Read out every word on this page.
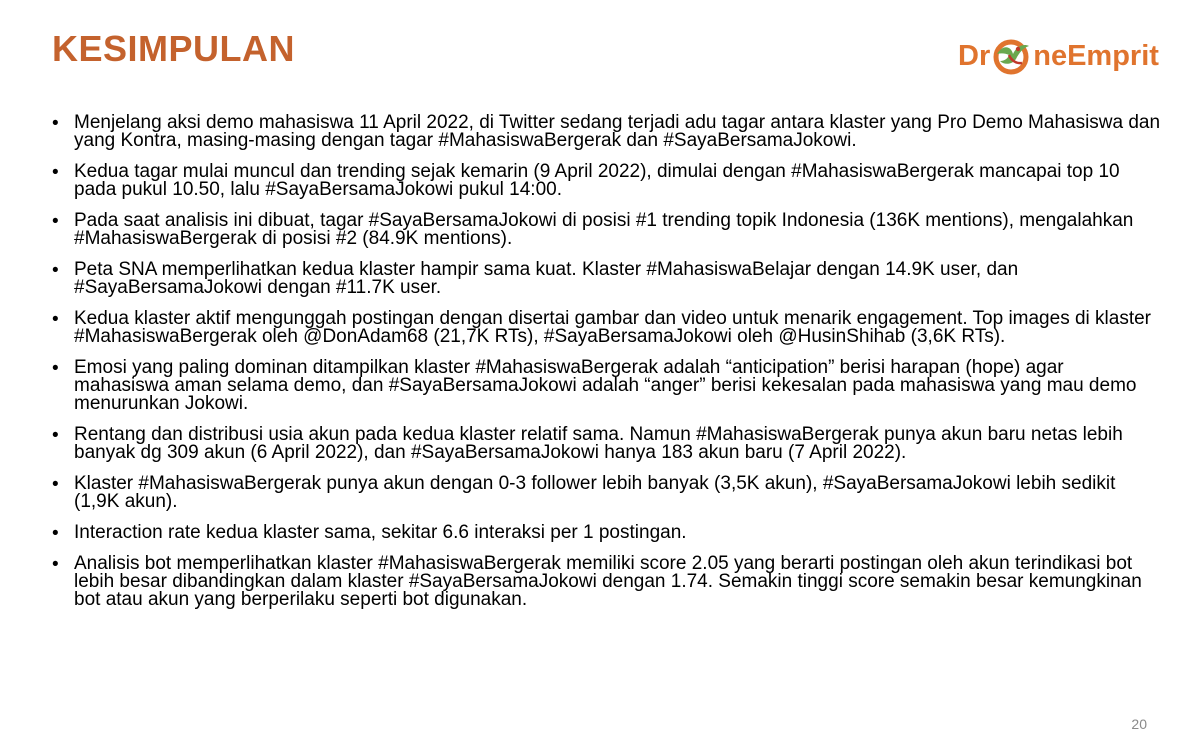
KESIMPULAN	Dr neEmprit
• Menjelang aksi demo mahasiswa 11 April 2022, di Twitter sedang terjadi adu tagar antara klaster yang Pro Demo Mahasiswa dan yang Kontra, masing-masing dengan tagar #MahasiswaBergerak dan #SayaBersamaJokowi.
• Kedua tagar mulai muncul dan trending sejak kemarin (9 April 2022), dimulai dengan #MahasiswaBergerak mancapai top 10 pada pukul 10.50, lalu #SayaBersamaJokowi pukul 14:00.
• Pada saat analisis ini dibuat, tagar #SayaBersamaJokowi di posisi #1 trending topik Indonesia (136K mentions), mengalahkan #MahasiswaBergerak di posisi #2 (84.9K mentions).
• Peta SNA memperlihatkan kedua klaster hampir sama kuat. Klaster #MahasiswaBelajar dengan 14.9K user, dan #SayaBersamaJokowi dengan #11.7K user.
• Kedua klaster aktif mengunggah postingan dengan disertai gambar dan video untuk menarik engagement. Top images di klaster #MahasiswaBergerak oleh @DonAdam68 (21,7K RTs), #SayaBersamaJokowi oleh @HusinShihab (3,6K RTs).
• Emosi yang paling dominan ditampilkan klaster #MahasiswaBergerak adalah “anticipation” berisi harapan (hope) agar mahasiswa aman selama demo, dan #SayaBersamaJokowi adalah “anger” berisi kekesalan pada mahasiswa yang mau demo menurunkan Jokowi.
• Rentang dan distribusi usia akun pada kedua klaster relatif sama. Namun #MahasiswaBergerak punya akun baru netas lebih banyak dg 309 akun (6 April 2022), dan #SayaBersamaJokowi hanya 183 akun baru (7 April 2022).
• Klaster #MahasiswaBergerak punya akun dengan 0-3 follower lebih banyak (3,5K akun), #SayaBersamaJokowi lebih sedikit (1,9K akun).
• Interaction rate kedua klaster sama, sekitar 6.6 interaksi per 1 postingan.
• Analisis bot memperlihatkan klaster #MahasiswaBergerak memiliki score 2.05 yang berarti postingan oleh akun terindikasi bot lebih besar dibandingkan dalam klaster #SayaBersamaJokowi dengan 1.74. Semakin tinggi score semakin besar kemungkinan bot atau akun yang berperilaku seperti bot digunakan.
20
